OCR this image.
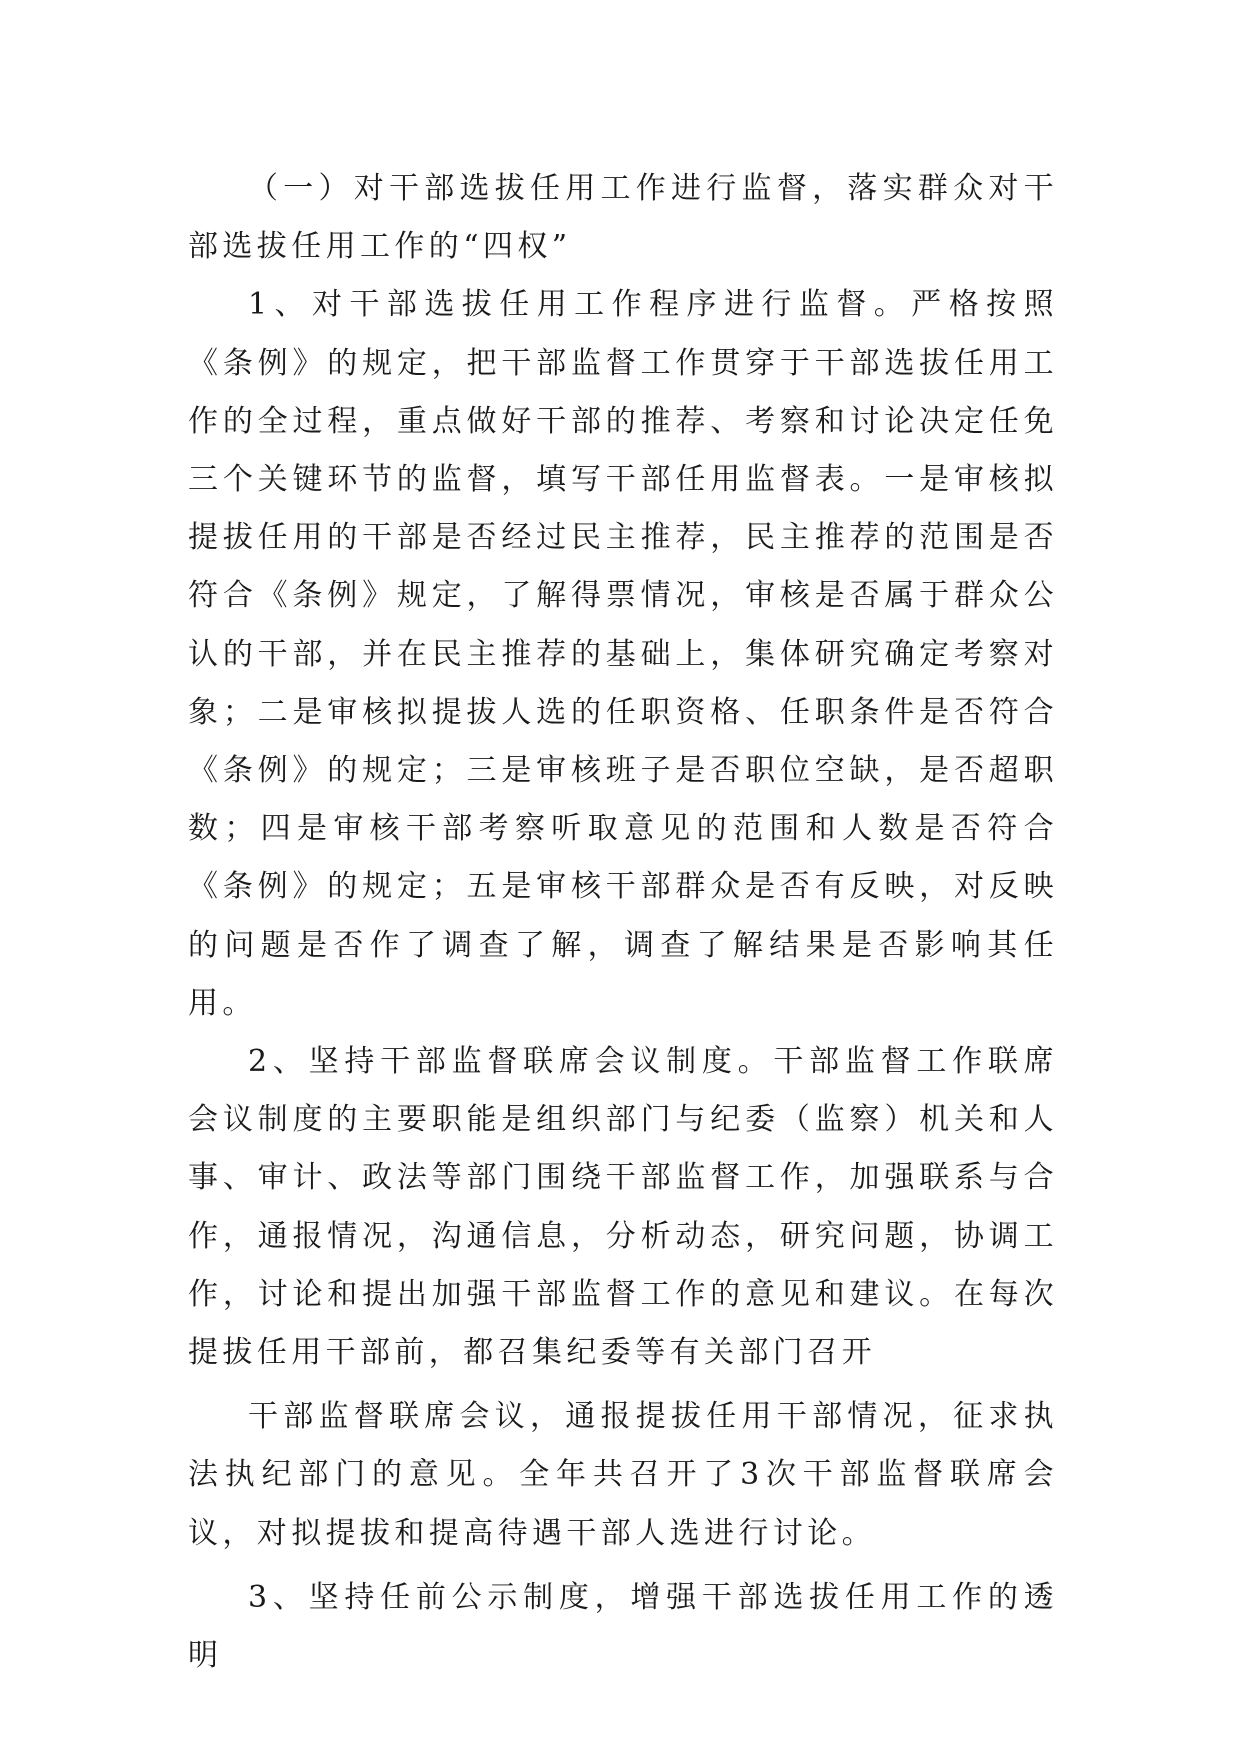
（一）对干部选拔任用工作进行监督，落实群众对干部选拔任用工作的“四权”

1、对干部选拔任用工作程序进行监督。严格按照《条例》的规定，把干部监督工作贯穿于干部选拔任用工作的全过程，重点做好干部的推荐、考察和讨论决定任免三个关键环节的监督，填写干部任用监督表。一是审核拟提拔任用的干部是否经过民主推荐，民主推荐的范围是否符合《条例》规定，了解得票情况，审核是否属于群众公认的干部，并在民主推荐的基础上，集体研究确定考察对象；二是审核拟提拔人选的任职资格、任职条件是否符合《条例》的规定；三是审核班子是否职位空缺，是否超职数；四是审核干部考察听取意见的范围和人数是否符合《条例》的规定；五是审核干部群众是否有反映，对反映的问题是否作了调查了解，调查了解结果是否影响其任用。

2、坚持干部监督联席会议制度。干部监督工作联席会议制度的主要职能是组织部门与纪委（监察）机关和人事、审计、政法等部门围绕干部监督工作，加强联系与合作，通报情况，沟通信息，分析动态，研究问题，协调工作，讨论和提出加强干部监督工作的意见和建议。在每次提拔任用干部前，都召集纪委等有关部门召开

干部监督联席会议，通报提拔任用干部情况，征求执法执纪部门的意见。全年共召开了3次干部监督联席会议，对拟提拔和提高待遇干部人选进行讨论。

3、坚持任前公示制度，增强干部选拔任用工作的透明
